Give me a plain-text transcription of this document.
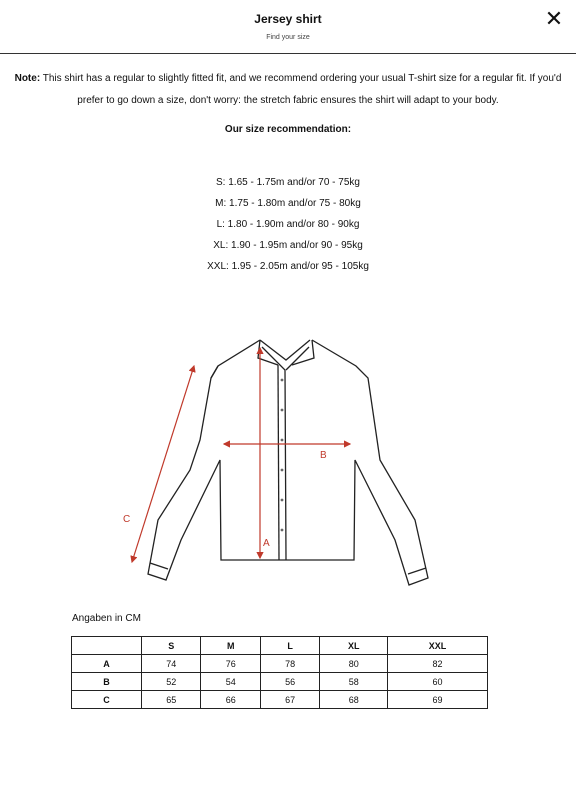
Jersey shirt
Find your size
✕

Note: This shirt has a regular to slightly fitted fit, and we recommend ordering your usual T-shirt size for a regular fit. If you'd prefer to go down a size, don't worry: the stretch fabric ensures the shirt will adapt to your body.

Our size recommendation:
S: 1.65 - 1.75m and/or 70 - 75kg
M: 1.75 - 1.80m and/or 75 - 80kg
L: 1.80 - 1.90m and/or 80 - 90kg
XL: 1.90 - 1.95m and/or 90 - 95kg
XXL: 1.95 - 2.05m and/or 95 - 105kg
A
B
C
Angaben in CM
	S	M	L	XL	XXL
A	74	76	78	80	82
B	52	54	56	58	60
C	65	66	67	68	69
